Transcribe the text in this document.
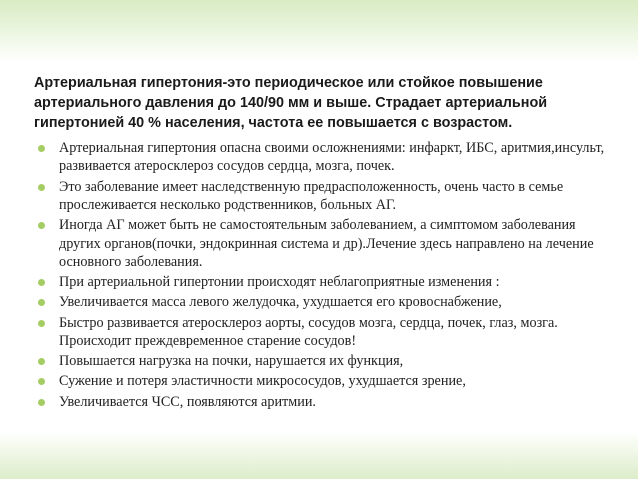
Артериальная гипертония-это периодическое или стойкое повышение артериального давления до 140/90 мм и выше. Страдает артериальной гипертонией 40 % населения, частота ее повышается с возрастом.

Артериальная гипертония опасна своими осложнениями: инфаркт, ИБС, аритмия,инсульт, развивается атеросклероз сосудов сердца, мозга, почек.
Это заболевание имеет наследственную предрасположенность, очень часто в семье прослеживается несколько родственников, больных АГ.
Иногда АГ может быть не самостоятельным заболеванием, а симптомом заболевания других органов(почки, эндокринная система и др).Лечение здесь направлено на лечение основного заболевания.
При артериальной гипертонии происходят неблагоприятные изменения :
Увеличивается масса левого желудочка, ухудшается его кровоснабжение,
Быстро развивается атеросклероз аорты, сосудов мозга, сердца, почек, глаз, мозга. Происходит преждевременное старение сосудов!
Повышается нагрузка на почки, нарушается их функция,
Сужение и потеря эластичности микрососудов, ухудшается зрение,
Увеличивается ЧСС, появляются аритмии.
